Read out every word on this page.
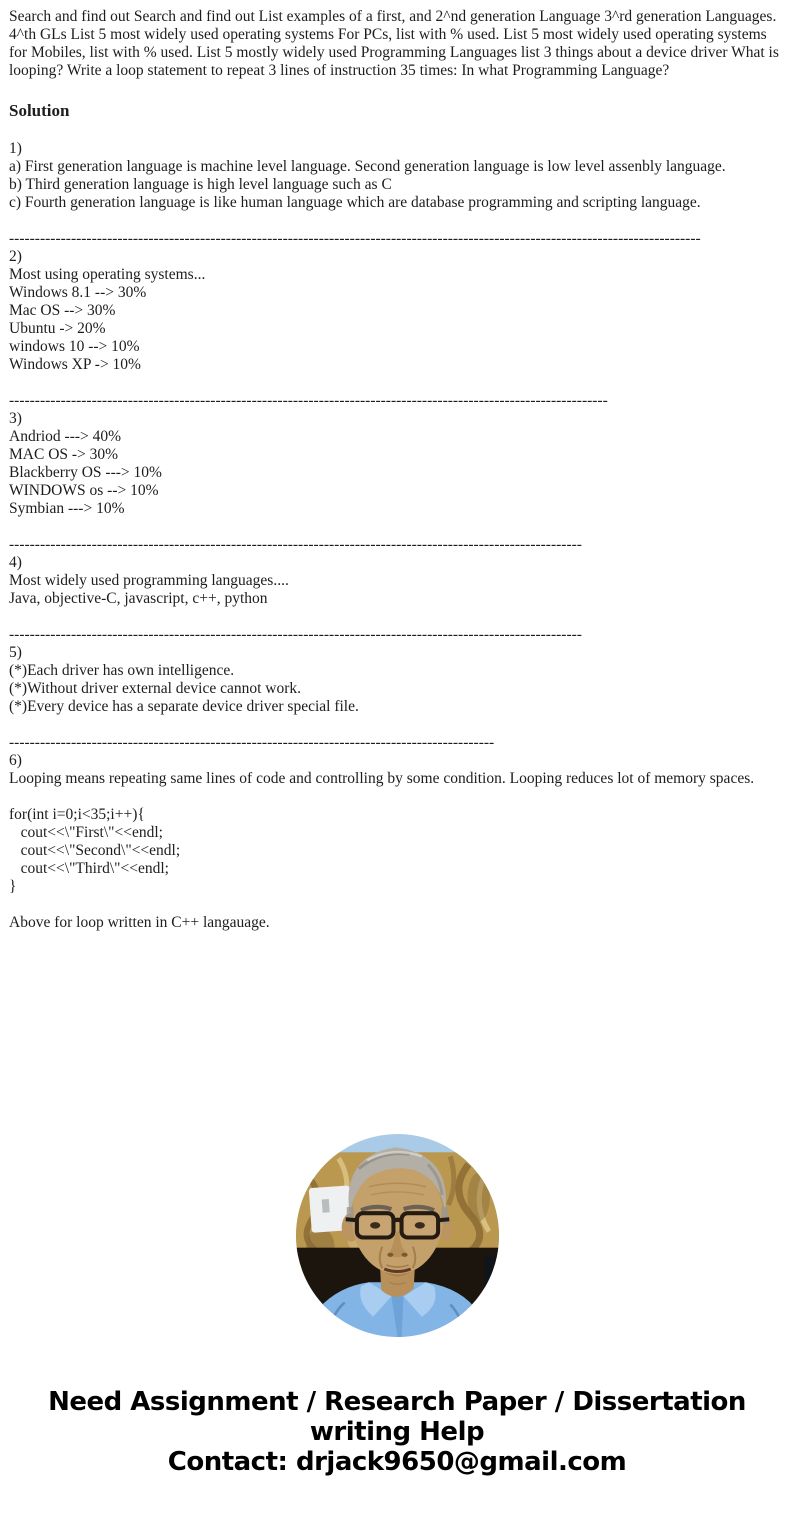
Search and find out Search and find out List examples of a first, and 2^nd generation Language 3^rd generation Languages. 4^th GLs List 5 most widely used operating systems For PCs, list with % used. List 5 most widely used operating systems for Mobiles, list with % used. List 5 mostly widely used Programming Languages list 3 things about a device driver What is looping? Write a loop statement to repeat 3 lines of instruction 35 times: In what Programming Language?

Solution
1)
a) First generation language is machine level language. Second generation language is low level assenbly language.
b) Third generation language is high level language such as C
c) Fourth generation language is like human language which are database programming and scripting language.
--------------------------------------------------------------------------------------------------------------------------------------
2)
Most using operating systems...
Windows 8.1 --> 30%
Mac OS --> 30%
Ubuntu -> 20%
windows 10 --> 10%
Windows XP -> 10%
--------------------------------------------------------------------------------------------------------------------
3)
Andriod ---> 40%
MAC OS -> 30%
Blackberry OS ---> 10%
WINDOWS os --> 10%
Symbian ---> 10%
---------------------------------------------------------------------------------------------------------------
4)
Most widely used programming languages....
Java, objective-C, javascript, c++, python
---------------------------------------------------------------------------------------------------------------
5)
(*)Each driver has own intelligence.
(*)Without driver external device cannot work.
(*)Every device has a separate device driver special file.
----------------------------------------------------------------------------------------------
6)
Looping means repeating same lines of code and controlling by some condition. Looping reduces lot of memory spaces.
for(int i=0;i<35;i++){
cout<<\"First\"<<endl;
cout<<\"Second\"<<endl;
cout<<\"Third\"<<endl;
}
Above for loop written in C++ langauage.
Need Assignment / Research Paper / Dissertation
writing Help
Contact: drjack9650@gmail.com
